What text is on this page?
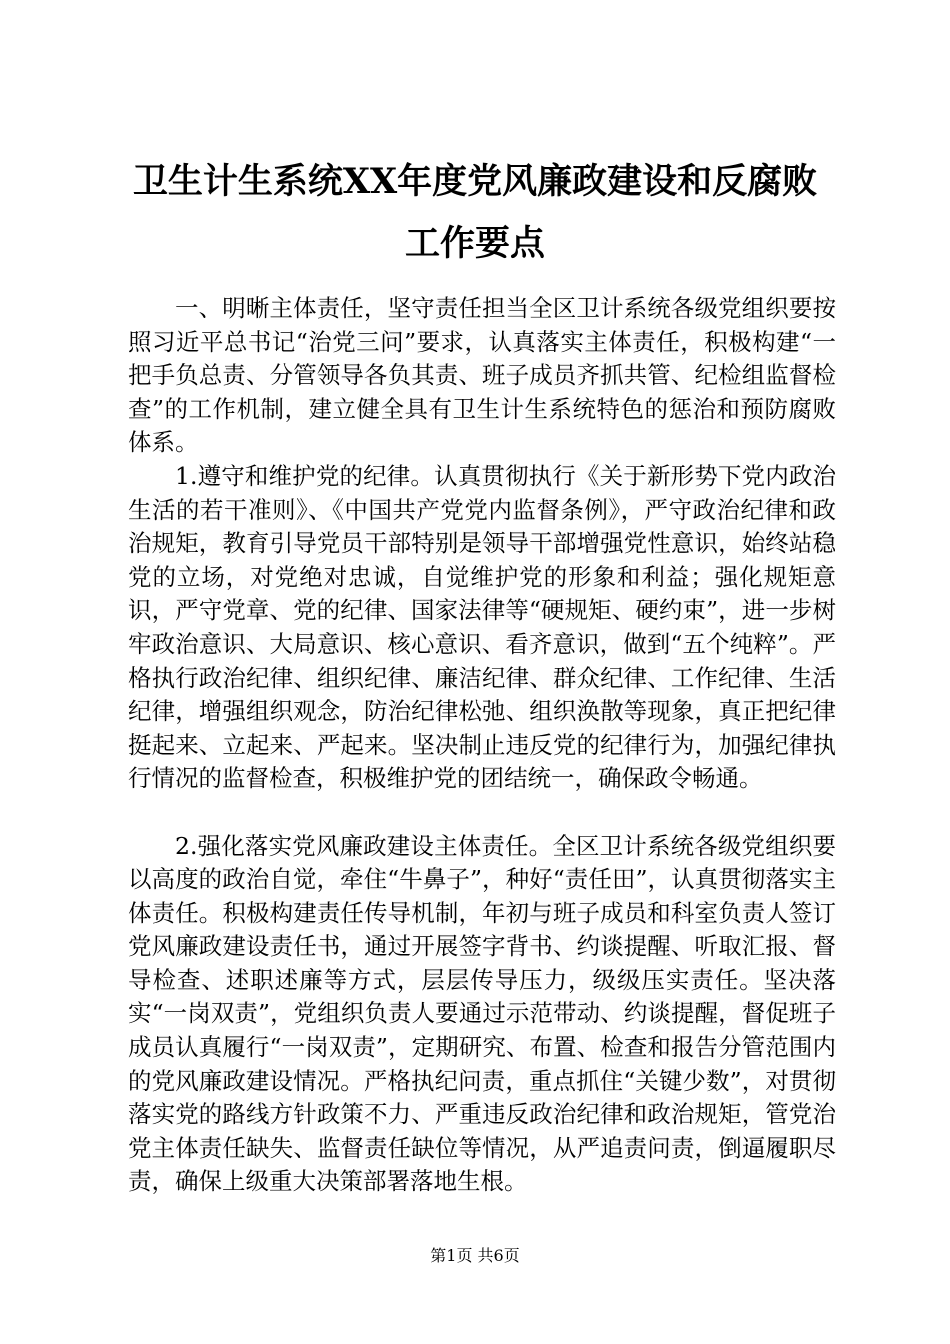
卫生计生系统XX年度党风廉政建设和反腐败
工作要点

一、明晰主体责任，坚守责任担当全区卫计系统各级党组织要按照习近平总书记“治党三问”要求，认真落实主体责任，积极构建“一把手负总责、分管领导各负其责、班子成员齐抓共管、纪检组监督检查”的工作机制，建立健全具有卫生计生系统特色的惩治和预防腐败体系。

1.遵守和维护党的纪律。认真贯彻执行《关于新形势下党内政治生活的若干准则》、《中国共产党党内监督条例》，严守政治纪律和政治规矩，教育引导党员干部特别是领导干部增强党性意识，始终站稳党的立场，对党绝对忠诚，自觉维护党的形象和利益；强化规矩意识，严守党章、党的纪律、国家法律等“硬规矩、硬约束”，进一步树牢政治意识、大局意识、核心意识、看齐意识，做到“五个纯粹”。严格执行政治纪律、组织纪律、廉洁纪律、群众纪律、工作纪律、生活纪律，增强组织观念，防治纪律松弛、组织涣散等现象，真正把纪律挺起来、立起来、严起来。坚决制止违反党的纪律行为，加强纪律执行情况的监督检查，积极维护党的团结统一，确保政令畅通。

2.强化落实党风廉政建设主体责任。全区卫计系统各级党组织要以高度的政治自觉，牵住“牛鼻子”，种好“责任田”，认真贯彻落实主体责任。积极构建责任传导机制，年初与班子成员和科室负责人签订党风廉政建设责任书，通过开展签字背书、约谈提醒、听取汇报、督导检查、述职述廉等方式，层层传导压力，级级压实责任。坚决落实“一岗双责”，党组织负责人要通过示范带动、约谈提醒，督促班子成员认真履行“一岗双责”，定期研究、布置、检查和报告分管范围内的党风廉政建设情况。严格执纪问责，重点抓住“关键少数”，对贯彻落实党的路线方针政策不力、严重违反政治纪律和政治规矩，管党治党主体责任缺失、监督责任缺位等情况，从严追责问责，倒逼履职尽责，确保上级重大决策部署落地生根。

第1页 共6页
